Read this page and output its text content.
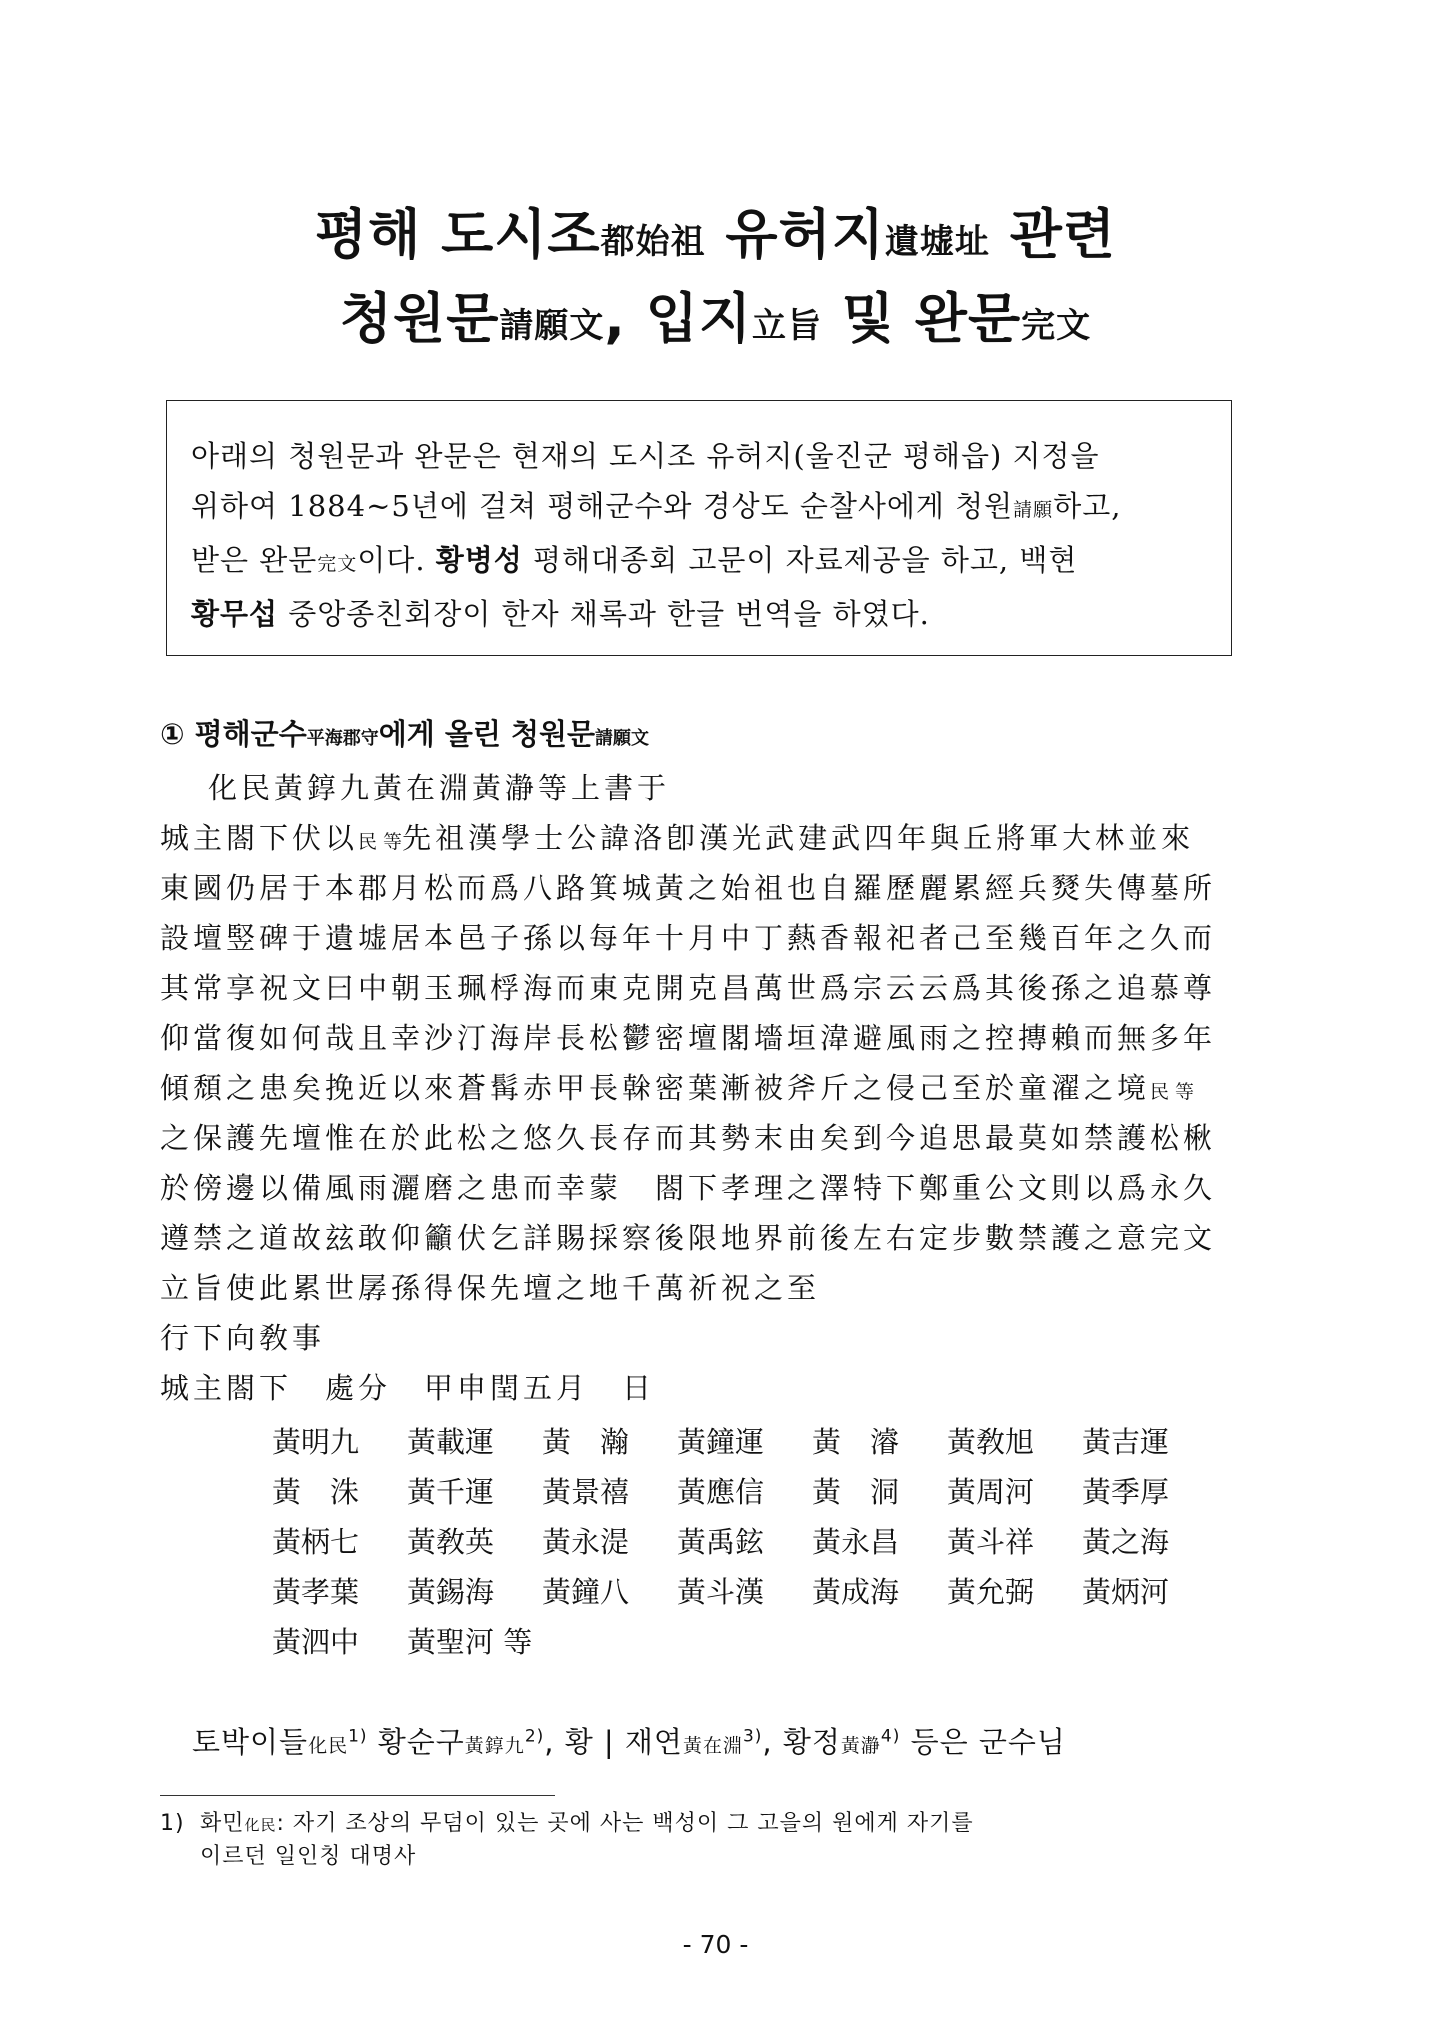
평해 도시조都始祖 유허지遺墟址 관련
청원문請願文, 입지立旨 및 완문完文

아래의 청원문과 완문은 현재의 도시조 유허지(울진군 평해읍) 지정을
위하여 1884~5년에 걸쳐 평해군수와 경상도 순찰사에게 청원請願하고,
받은 완문完文이다. 황병성 평해대종회 고문이 자료제공을 하고, 백현
황무섭 중앙종친회장이 한자 채록과 한글 번역을 하였다.

① 평해군수平海郡守에게 올린 청원문請願文
化民黃錞九黃在淵黃瀞等上書于
城主閤下伏以民 等先祖漢學士公諱洛卽漢光武建武四年與丘將軍大林並來
東國仍居于本郡月松而爲八路箕城黃之始祖也自羅歷麗累經兵燹失傳墓所
設壇竪碑于遺墟居本邑子孫以每年十月中丁爇香報祀者己至幾百年之久而
其常享祝文曰中朝玉珮桴海而東克開克昌萬世爲宗云云爲其後孫之追慕尊
仰當復如何哉且幸沙汀海岸長松鬱密壇閣墻垣湋避風雨之控摶賴而無多年
傾頹之患矣挽近以來蒼髯赤甲長榦密葉漸被斧斤之侵己至於童濯之境民 等
之保護先壇惟在於此松之悠久長存而其勢末由矣到今追思最莫如禁護松楸
於傍邊以備風雨灑磨之患而幸蒙　閤下孝理之澤特下鄭重公文則以爲永久
遵禁之道故玆敢仰籲伏乞詳賜採察後限地界前後左右定步數禁護之意完文
立旨使此累世孱孫得保先壇之地千萬祈祝之至
行下向敎事
城主閤下　處分　甲申閏五月　日
黃明九 黃載運 黃　瀚 黃鐘運 黃　濬 黃敎旭 黃吉運
黃　洙 黃千運 黃景禧 黃應信 黃　洞 黃周河 黃季厚
黃柄七 黃敎英 黃永湜 黃禹鉉 黃永昌 黃斗祥 黃之海
黃孝葉 黃錫海 黃鐘八 黃斗漢 黃成海 黃允弼 黃炳河
黃泗中 黃聖河 等
토박이들化民$^{1)}$ 황순구黃錞九$^{2)}$, 황 | 재연黃在淵$^{3)}$, 황정黃瀞$^{4)}$ 등은 군수님
1) 화민化民: 자기 조상의 무덤이 있는 곳에 사는 백성이 그 고을의 원에게 자기를
이르던 일인칭 대명사
- 70 -
